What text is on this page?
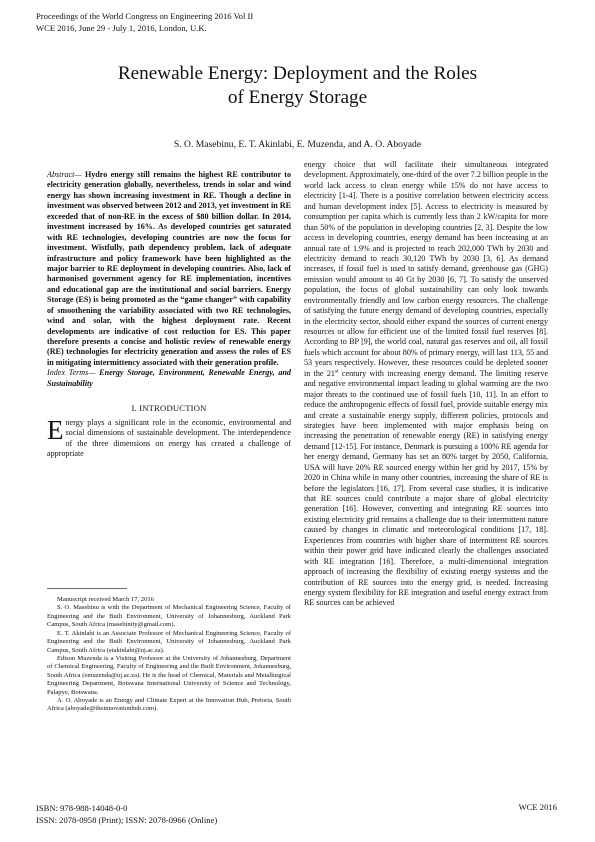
Proceedings of the World Congress on Engineering 2016 Vol II
WCE 2016, June 29 - July 1, 2016, London, U.K.
Renewable Energy: Deployment and the Roles
of Energy Storage
S. O. Masebinu, E. T. Akinlabi, E. Muzenda, and A. O. Aboyade

Abstract— Hydro energy still remains the highest RE contributor to electricity generation globally, nevertheless, trends in solar and wind energy has shown increasing investment in RE. Though a decline in investment was observed between 2012 and 2013, yet investment in RE exceeded that of non-RE in the excess of $80 billion dollar. In 2014, investment increased by 16%. As developed countries get saturated with RE technologies, developing countries are now the focus for investment. Wistfully, path dependency problem, lack of adequate infrastructure and policy framework have been highlighted as the major barrier to RE deployment in developing countries. Also, lack of harmonised government agency for RE implementation, incentives and educational gap are the institutional and social barriers. Energy Storage (ES) is being promoted as the “game changer” with capability of smoothening the variability associated with two RE technologies, wind and solar, with the highest deployment rate. Recent developments are indicative of cost reduction for ES. This paper therefore presents a concise and holistic review of renewable energy (RE) technologies for electricity generation and assess the roles of ES in mitigating intermittency associated with their generation profile.

Index Terms— Energy Storage, Environment, Renewable Energy, and Sustainability

I. INTRODUCTION

Energy plays a significant role in the economic, environmental and social dimensions of sustainable development. The interdependence of the three dimensions on energy has created a challenge of appropriate

Manuscript received March 17, 2016

S. O. Masebinu is with the Department of Mechanical Engineering Science, Faculty of Engineering and the Built Environment, University of Johannesburg, Auckland Park Campus, South Africa (masebinity@gmail.com).

E. T. Akinlabi is an Associate Professor of Mechanical Engineering Science, Faculty of Engineering and the Built Environment, University of Johannesburg, Auckland Park Campus, South Africa (etakinlabi@uj.ac.za).

Edison Muzenda is a Visiting Professor at the University of Johannesburg, Department of Chemical Engineering, Faculty of Engineering and the Built Environment, Johannesburg, South Africa (emuzenda@uj.ac.za). He is the head of Chemical, Materials and Metallurgical Engineering Department, Botswana International University of Science and Technology, Palapye, Botswana.

A. O. Aboyade is an Energy and Climate Expert at the Innovation Hub, Pretoria, South Africa (aboyade@theinnovationhub.com).

energy choice that will facilitate their simultaneous integrated development. Approximately, one-third of the over 7.2 billion people in the world lack access to clean energy while 15% do not have access to electricity [1-4]. There is a positive correlation between electricity access and human development index [5]. Access to electricity is measured by consumption per capita which is currently less than 2 kW/capita for more than 50% of the population in developing countries [2, 3]. Despite the low access in developing countries, energy demand has been increasing at an annual rate of 1.9% and is projected to reach 202,000 TWh by 2030 and electricity demand to reach 30,120 TWh by 2030 [3, 6]. As demand increases, if fossil fuel is used to satisfy demand, greenhouse gas (GHG) emission would amount to 40 Gt by 2030 [6, 7]. To satisfy the unserved population, the focus of global sustainability can only look towards environmentally friendly and low carbon energy resources. The challenge of satisfying the future energy demand of developing countries, especially in the electricity sector, should either expand the sources of current energy resources or allow for efficient use of the limited fossil fuel reserves [8]. According to BP [9], the world coal, natural gas reserves and oil, all fossil fuels which account for about 80% of primary energy, will last 113, 55 and 53 years respectively. However, these resources could be depleted sooner in the 21st century with increasing energy demand. The limiting reserve and negative environmental impact leading to global warming are the two major threats to the continued use of fossil fuels [10, 11]. In an effort to reduce the anthropogenic effects of fossil fuel, provide suitable energy mix and create a sustainable energy supply, different policies, protocols and strategies have been implemented with major emphasis being on increasing the penetration of renewable energy (RE) in satisfying energy demand [12-15]. For instance, Denmark is pursuing a 100% RE agenda for her energy demand, Germany has set an 80% target by 2050, California, USA will have 20% RE sourced energy within her grid by 2017, 15% by 2020 in China while in many other countries, increasing the share of RE is before the legislators [16, 17]. From several case studies, it is indicative that RE sources could contribute a major share of global electricity generation [16]. However, converting and integrating RE sources into existing electricity grid remains a challenge due to their intermittent nature caused by changes in climatic and meteorological conditions [17, 18]. Experiences from countries with higher share of intermittent RE sources within their power grid have indicated clearly the challenges associated with RE integration [16]. Therefore, a multi-dimensional integration approach of increasing the flexibility of existing energy systems and the contribution of RE sources into the energy grid, is needed. Increasing energy system flexibility for RE integration and useful energy extract from RE sources can be achieved

ISBN: 978-988-14048-0-0
ISSN: 2078-0958 (Print); ISSN: 2078-0966 (Online)
WCE 2016
